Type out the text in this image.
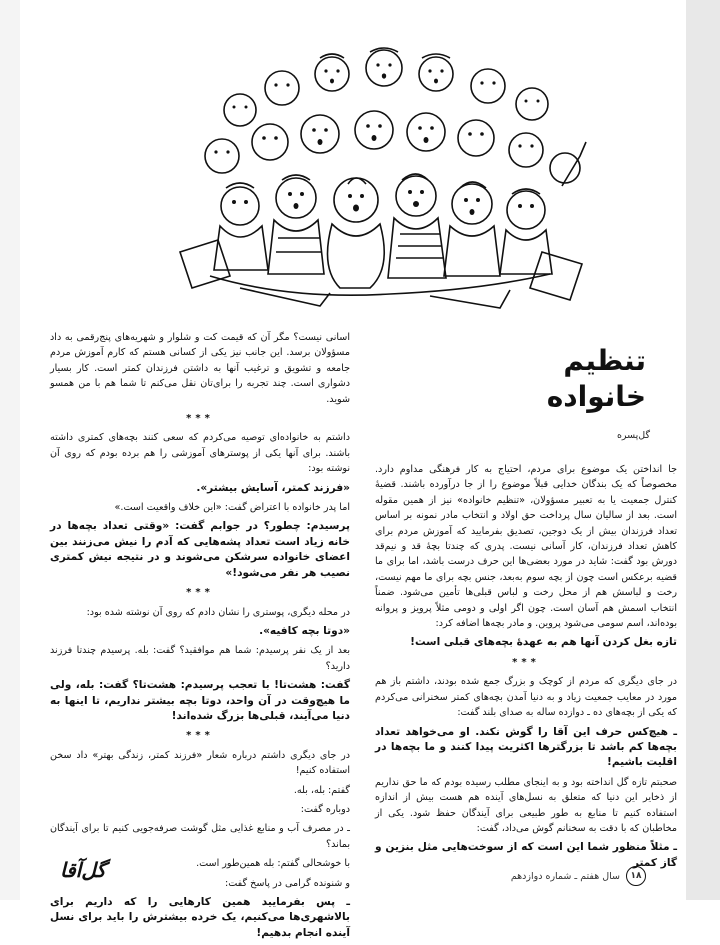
تنظیم خانواده
گل‌پسره

اسانی نیست؟ مگر آن که قیمت کت و شلوار و شهریه‌های پنج‌رقمی به داد مسؤولان برسد. این جانب نیز یکی از کسانی هستم که کارم آموزش مردم جامعه و تشویق و ترغیب آنها به داشتن فرزندان کمتر است. کار بسیار دشواری است. چند تجربه را برای‌تان نقل می‌کنم تا شما هم با من همسو شوید.

***

داشتم به خانواده‌ای توصیه می‌کردم که سعی کنند بچه‌های کمتری داشته باشند. برای آنها یکی از پوسترهای آموزشی را هم برده بودم که روی آن نوشته بود:

«فرزند کمتر، آسایش بیشتر».

اما پدر خانواده با اعتراض گفت: «این خلاف واقعیت است.»

پرسیدم: چطور؟ در جوابم گفت: «وقتی تعداد بچه‌ها در خانه زیاد است تعداد پشه‌هایی که آدم را نیش می‌زنند بین اعضای خانواده سرشکن می‌شوند و در نتیجه نیش کمتری نصیب هر نفر می‌شود!»

***

در محله دیگری، پوستری را نشان دادم که روی آن نوشته شده بود:

«دوتا بچه کافیه».

بعد از یک نفر پرسیدم: شما هم موافقید؟ گفت: بله. پرسیدم چندتا فرزند دارید؟

گفت: هشت‌تا! با تعجب پرسیدم: هشت‌تا؟ گفت: بله، ولی ما هیچ‌وقت در آن واحد، دوتا بچه بیشتر نداریم، تا اینها به دنیا می‌آیند، قبلی‌ها بزرگ شده‌اند!

***

در جای دیگری داشتم درباره شعار «فرزند کمتر، زندگی بهتر» داد سخن استفاده کنیم!

گفتم: بله، بله.

دوباره گفت:

ـ در مصرف آب و منابع غذایی مثل گوشت صرفه‌جویی کنیم تا برای آیندگان بماند؟

با خوشحالی گفتم: بله همین‌طور است.

و شنونده گرامی در پاسخ گفت:

ـ پس بفرمایید همین کارهایی را که داریم برای بالاشهری‌ها می‌کنیم، یک خرده بیشترش را باید برای نسل آینده انجام بدهیم!

جا انداختن یک موضوع برای مردم، احتیاج به کار فرهنگی مداوم دارد. مخصوصاً که یک بندگان خدایی قبلاً موضوع را از جا درآورده باشند. قضیهٔ کنترل جمعیت یا به تعبیر مسؤولان، «تنظیم خانواده» نیز از همین مقوله است. بعد از سالیان سال پرداخت حق اولاد و انتخاب مادر نمونه بر اساس تعداد فرزندان بیش از یک دوجین، تصدیق بفرمایید که آموزش مردم برای کاهش تعداد فرزندان، کار آسانی نیست. پدری که چندتا بچهٔ قد و نیم‌قد دورش بود گفت: شاید در مورد بعضی‌ها این حرف درست باشد، اما برای ما قضیه برعکس است چون از بچه سوم به‌بعد، جنس بچه برای ما مهم نیست، رخت و لباسش هم از محل رخت و لباس قبلی‌ها تأمین می‌شود. ضمناً انتخاب اسمش هم آسان است. چون اگر اولی و دومی مثلاً پرویز و پروانه بوده‌اند، اسم سومی می‌شود پروین. و مادر بچه‌ها اضافه کرد:

تازه بغل کردن آنها هم به عهدهٔ بچه‌های قبلی است!

***

در جای دیگری که مردم از کوچک و بزرگ جمع شده بودند، داشتم باز هم مورد در معایب جمعیت زیاد و به دنیا آمدن بچه‌های کمتر سخنرانی می‌کردم که یکی از بچه‌های ده ـ دوازده ساله به صدای بلند گفت:

ـ هیچ‌کس حرف این آقا را گوش نکند. او می‌خواهد تعداد بچه‌ها کم باشد تا بزرگترها اکثریت پیدا کنند و ما بچه‌ها در اقلیت باشیم!

صحبتم تازه گل انداخته بود و به اینجای مطلب رسیده بودم که ما حق نداریم از ذخایر این دنیا که متعلق به نسل‌های آینده هم هست بیش از اندازه استفاده کنیم تا منابع به طور طبیعی برای آیندگان حفظ شود. یکی از مخاطبان که با دقت به سخنانم گوش می‌داد، گفت:

ـ مثلاً منظور شما این است که از سوخت‌هایی مثل بنزین و گاز کمتر

گل‌آقا	۱۸
سال هفتم ـ شماره دوازدهم
